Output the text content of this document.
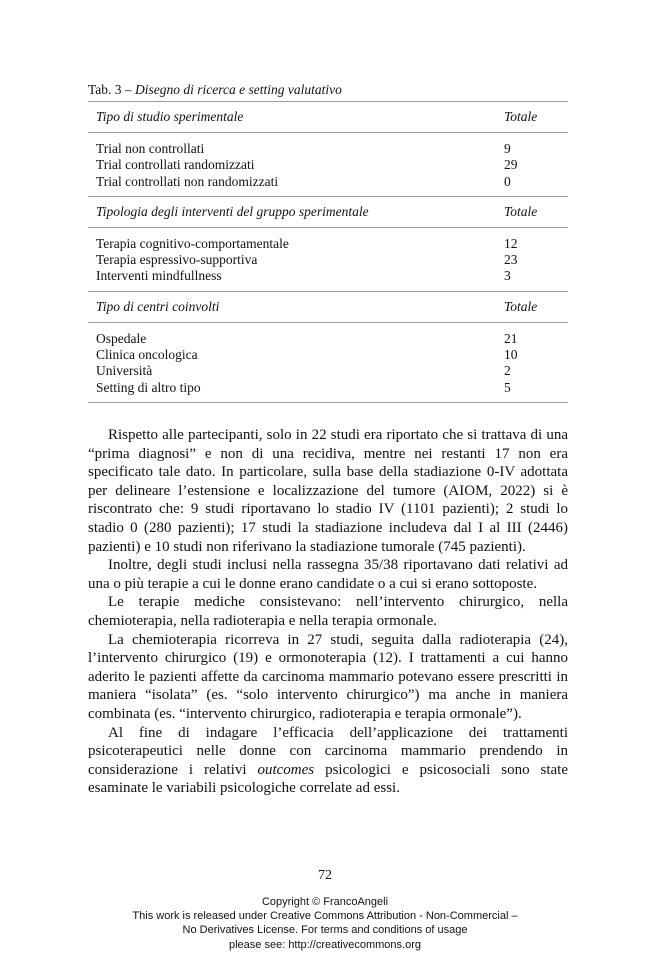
Tab. 3 – Disegno di ricerca e setting valutativo
Tipo di studio sperimentale	Totale
Trial non controllati	9
Trial controllati randomizzati	29
Trial controllati non randomizzati	0
Tipologia degli interventi del gruppo sperimentale	Totale
Terapia cognitivo-comportamentale	12
Terapia espressivo-supportiva	23
Interventi mindfullness	3
Tipo di centri coinvolti	Totale
Ospedale	21
Clinica oncologica	10
Università	2
Setting di altro tipo	5

Rispetto alle partecipanti, solo in 22 studi era riportato che si trattava di una “prima diagnosi” e non di una recidiva, mentre nei restanti 17 non era specificato tale dato. In particolare, sulla base della stadiazione 0-IV adottata per delineare l’estensione e localizzazione del tumore (AIOM, 2022) si è riscontrato che: 9 studi riportavano lo stadio IV (1101 pazienti); 2 studi lo stadio 0 (280 pazienti); 17 studi la stadiazione includeva dal I al III (2446) pazienti) e 10 studi non riferivano la stadiazione tumorale (745 pazienti).

Inoltre, degli studi inclusi nella rassegna 35/38 riportavano dati relativi ad una o più terapie a cui le donne erano candidate o a cui si erano sottoposte.

Le terapie mediche consistevano: nell’intervento chirurgico, nella chemioterapia, nella radioterapia e nella terapia ormonale.

La chemioterapia ricorreva in 27 studi, seguita dalla radioterapia (24), l’intervento chirurgico (19) e ormonoterapia (12). I trattamenti a cui hanno aderito le pazienti affette da carcinoma mammario potevano essere prescritti in maniera “isolata” (es. “solo intervento chirurgico”) ma anche in maniera combinata (es. “intervento chirurgico, radioterapia e terapia ormonale”).

Al fine di indagare l’efficacia dell’applicazione dei trattamenti psicoterapeutici nelle donne con carcinoma mammario prendendo in considerazione i relativi outcomes psicologici e psicosociali sono state esaminate le variabili psicologiche correlate ad essi.

72
Copyright © FrancoAngeli
This work is released under Creative Commons Attribution - Non-Commercial –
No Derivatives License. For terms and conditions of usage
please see: http://creativecommons.org
